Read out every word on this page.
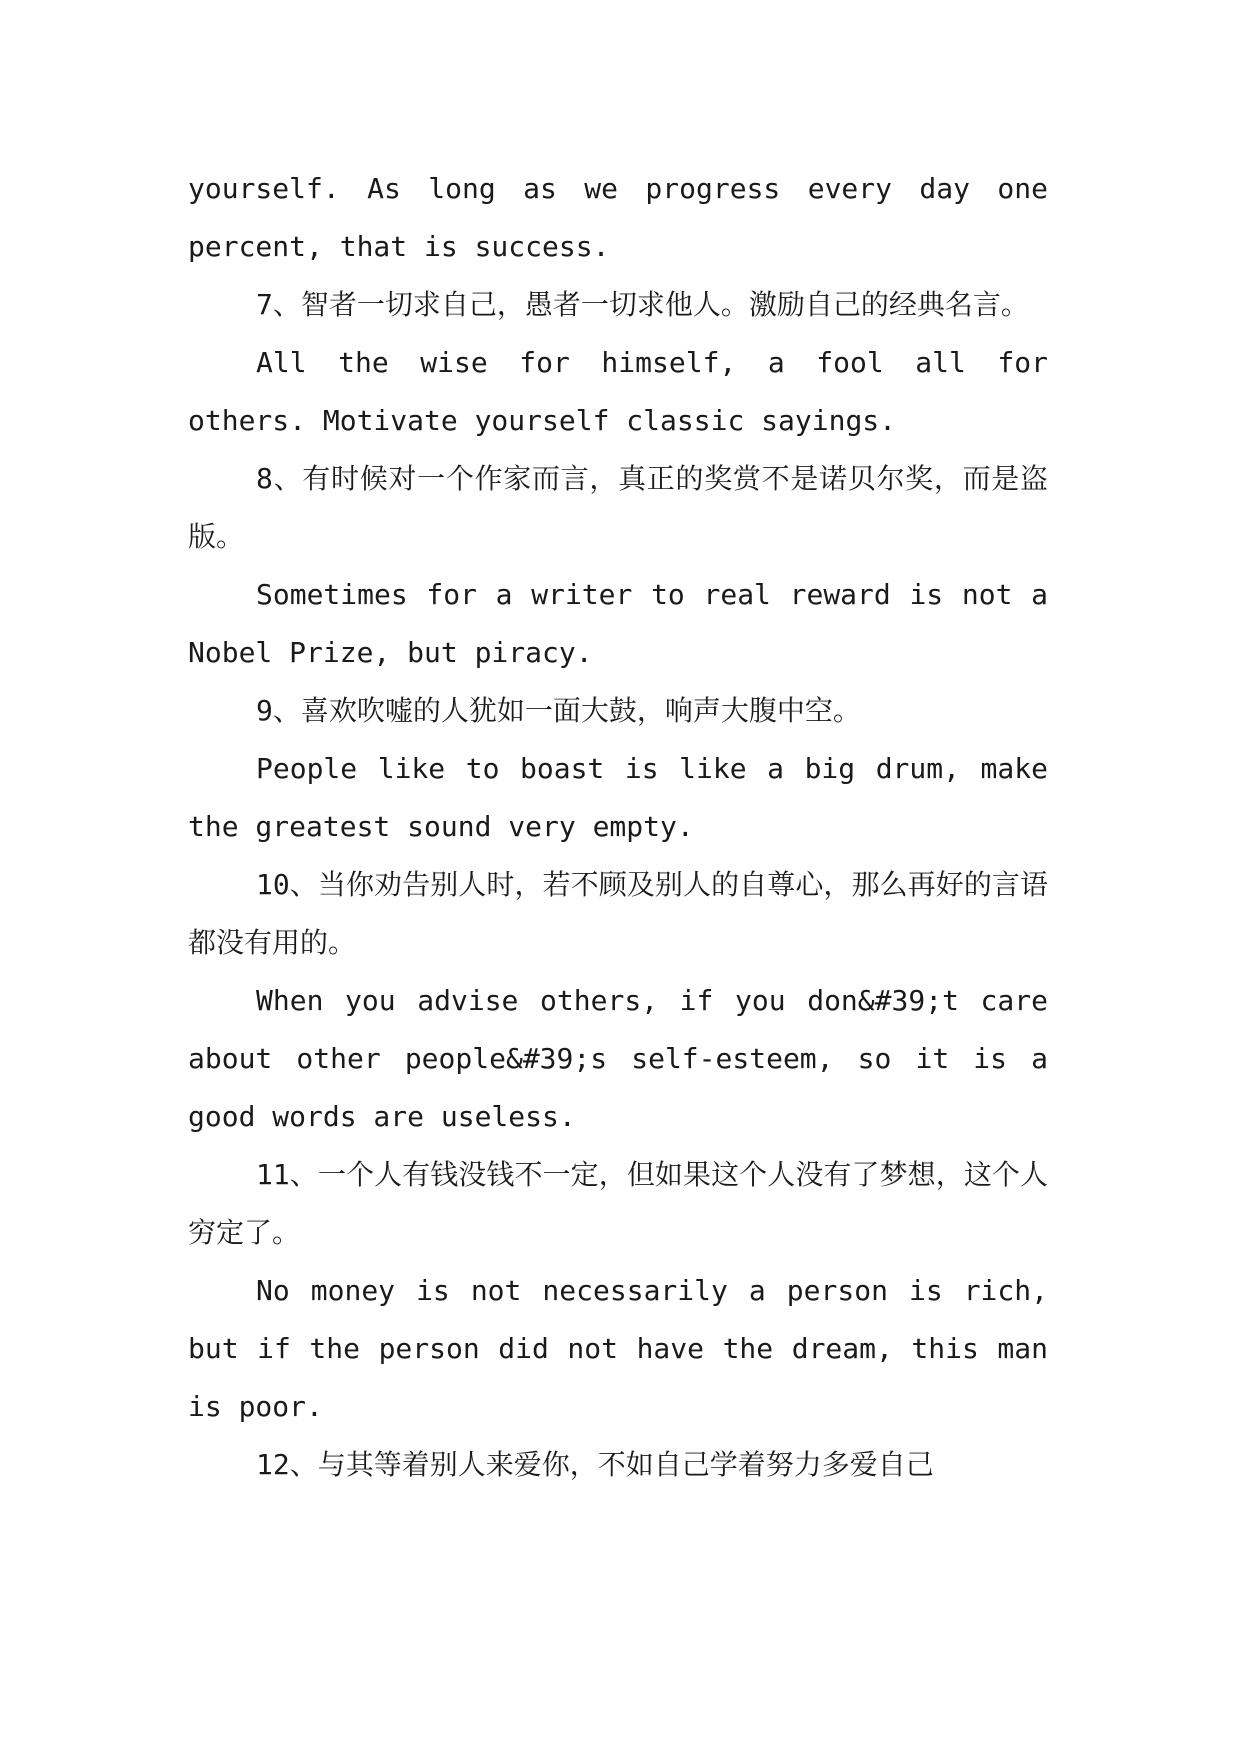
yourself. As long as we progress every day one percent, that is success.

7、智者一切求自己，愚者一切求他人。激励自己的经典名言。

All the wise for himself, a fool all for others. Motivate yourself classic sayings.

8、有时候对一个作家而言，真正的奖赏不是诺贝尔奖，而是盗版。

Sometimes for a writer to real reward is not a Nobel Prize, but piracy.

9、喜欢吹嘘的人犹如一面大鼓，响声大腹中空。

People like to boast is like a big drum, make the greatest sound very empty.

10、当你劝告别人时，若不顾及别人的自尊心，那么再好的言语都没有用的。

When you advise others, if you don&#39;t care about other people&#39;s self-esteem, so it is a good words are useless.

11、一个人有钱没钱不一定，但如果这个人没有了梦想，这个人穷定了。

No money is not necessarily a person is rich, but if the person did not have the dream, this man is poor.

12、与其等着别人来爱你，不如自己学着努力多爱自己
